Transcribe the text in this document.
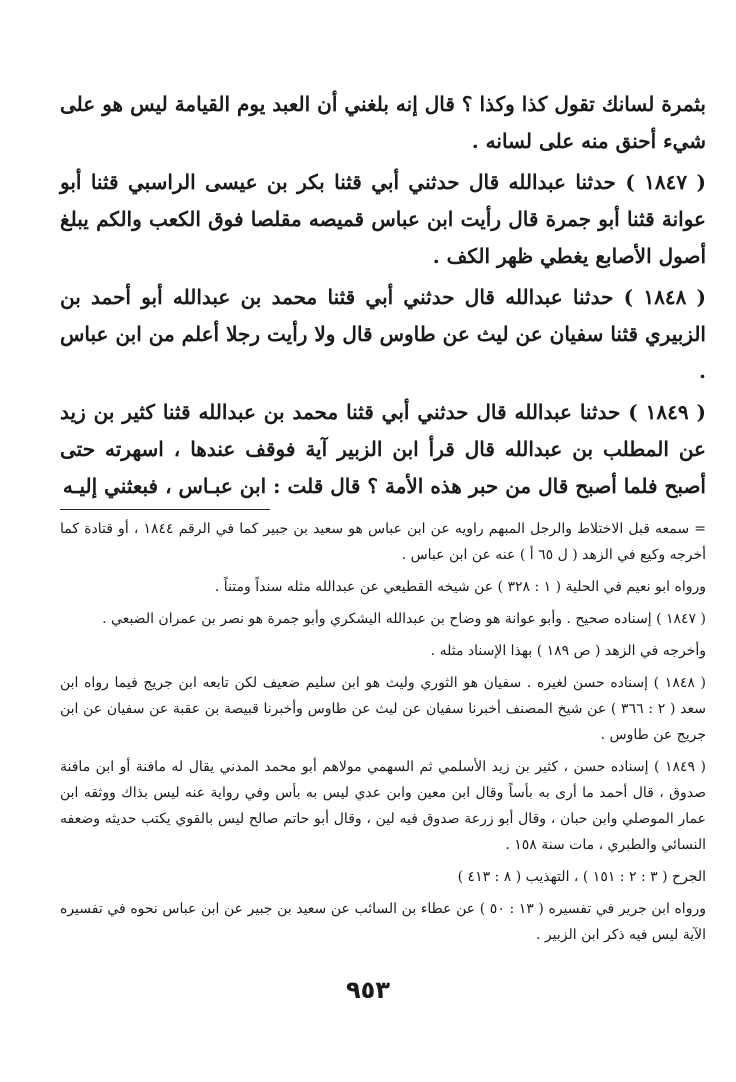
بثمرة لسانك تقول كذا وكذا ؟ قال إنه بلغني أن العبد يوم القيامة ليس هو على شيء أحنق منه على لسانه .

( ١٨٤٧ ) حدثنا عبدالله قال حدثني أبي قثنا بكر بن عيسى الراسبي قثنا أبو عوانة قثنا أبو جمرة قال رأيت ابن عباس قميصه مقلصا فوق الكعب والكم يبلغ أصول الأصابع يغطي ظهر الكف .

( ١٨٤٨ ) حدثنا عبدالله قال حدثني أبي قثنا محمد بن عبدالله أبو أحمد بن الزبيري قثنا سفيان عن ليث عن طاوس قال ولا رأيت رجلا أعلم من ابن عباس .

( ١٨٤٩ ) حدثنا عبدالله قال حدثني أبي قثنا محمد بن عبدالله قثنا كثير بن زيد عن المطلب بن عبدالله قال قرأ ابن الزبير آية فوقف عندها ، اسهرته حتى أصبح فلما أصبح قال من حبر هذه الأمة ؟ قال قلت : ابن عبـاس ، فبعثني إليـه

= سمعه قبل الاختلاط والرجل المبهم راويه عن ابن عباس هو سعيد بن جبير كما في الرقم ١٨٤٤ ، أو قتادة كما أخرجه وكيع في الزهد ( ل ٦٥ أ ) عنه عن ابن عباس .

ورواه ابو نعيم في الحلية ( ١ : ٣٢٨ ) عن شيخه القطيعي عن عبدالله مثله سنداً ومتناً .

( ١٨٤٧ ) إسناده صحيح . وأبو عوانة هو وضاح بن عبدالله اليشكري وأبو جمرة هو نصر بن عمران الضبعي .

وأخرجه في الزهد ( ص ١٨٩ ) بهذا الإسناد مثله .

( ١٨٤٨ ) إسناده حسن لغيره . سفيان هو الثوري وليث هو ابن سليم ضعيف لكن تابعه ابن جريج فيما رواه ابن سعد ( ٢ : ٣٦٦ ) عن شيخ المصنف أخبرنا سفيان عن ليث عن طاوس وأخبرنا قبيصة بن عقبة عن سفيان عن ابن جريج عن طاوس .

( ١٨٤٩ ) إسناده حسن ، كثير بن زيد الأسلمي ثم السهمي مولاهم أبو محمد المدني يقال له مافنة أو ابن مافنة صدوق ، قال أحمد ما أرى به بأساً وقال ابن معين وابن عدي ليس به بأس وفي رواية عنه ليس بذاك ووثقه ابن عمار الموصلي وابن حبان ، وقال أبو زرعة صدوق فيه لين ، وقال أبو حاتم صالح ليس بالقوي يكتب حديثه وضعفه النسائي والطبري ، مات سنة ١٥٨ .

الجرح ( ٣ : ٢ : ١٥١ ) ، التهذيب ( ٨ : ٤١٣ )

ورواه ابن جرير في تفسيره ( ١٣ : ٥٠ ) عن عطاء بن السائب عن سعيد بن جبير عن ابن عباس نحوه في تفسيره الآية ليس فيه ذكر ابن الزبير .

٩٥٣
